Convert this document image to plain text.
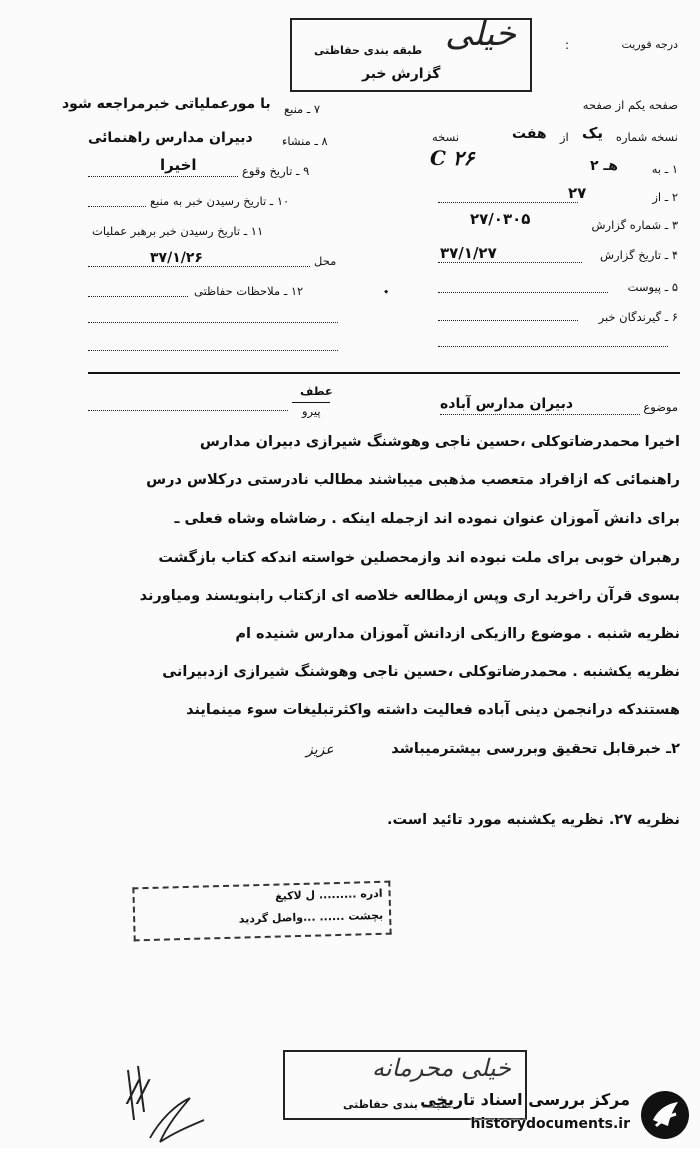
خیلی
طبقه بندی حفاظتی
گزارش خبر
درجه فوریت
:
۷ ـ منبع
با مورعملیاتی خبرمراجعه شود
۸ ـ منشاء
دبیران مدارس راهنمائی
۹ ـ تاریخ وقوع
اخیرا
۱۰ ـ تاریخ رسیدن خبر به منبع
۱۱ ـ تاریخ رسیدن خبر برهبر عملیات
محل
۳۷/۱/۲۶
۱۲ ـ ملاحظات حفاظتی
صفحه یکم از صفحه
نسخه شماره
یک
از
هفت
نسخه
C ۲۶	۱ ـ به
هـ ۲
۲ ـ از
۲۷
۳ ـ شماره گزارش
۲۷/۰۳۰۵
۴ ـ تاریخ گزارش
۳۷/۱/۲۷
۵ ـ پیوست
۶ ـ گیرندگان خبر
⬩
موضوع
دبیران مدارس آباده
عطف
پیرو
اخیرا محمدرضاتوکلی ،حسین ناجی وهوشنگ شیرازی دبیران مدارس
راهنمائی که ازافراد متعصب مذهبی میباشند مطالب نادرستی درکلاس درس
برای دانش آموزان عنوان نموده اند ازجمله اینکه . رضاشاه وشاه فعلی ـ
رهبران خوبی برای ملت نبوده اند وازمحصلین خواسته اندکه کتاب بازگشت
بسوی قرآن راخرید اری وپس ازمطالعه خلاصه ای ازکتاب رابنویسند ومیاورند
نظریه شنبه . موضوع راازیکی ازدانش آموزان مدارس شنیده ام
نظریه یکشنبه . محمدرضاتوکلی ،حسین ناجی وهوشنگ شیرازی ازدبیرانی
هستندکه درانجمن دینی آباده فعالیت داشته واکثرتبلیغات سوء مینمایند
۲ـ خبرقابل تحقیق وبررسی بیشترمیباشد
عزیز
نظریه ۲۷. نظریه یکشنبه مورد تائید است.
ادره ......... ل لاکیغ
بچشت ...... ...واصل گردید
//
خیلی محرمانه
طبقه بندی حفاظتی
مرکز بررسی اسناد تاریخی
historydocuments.ir
